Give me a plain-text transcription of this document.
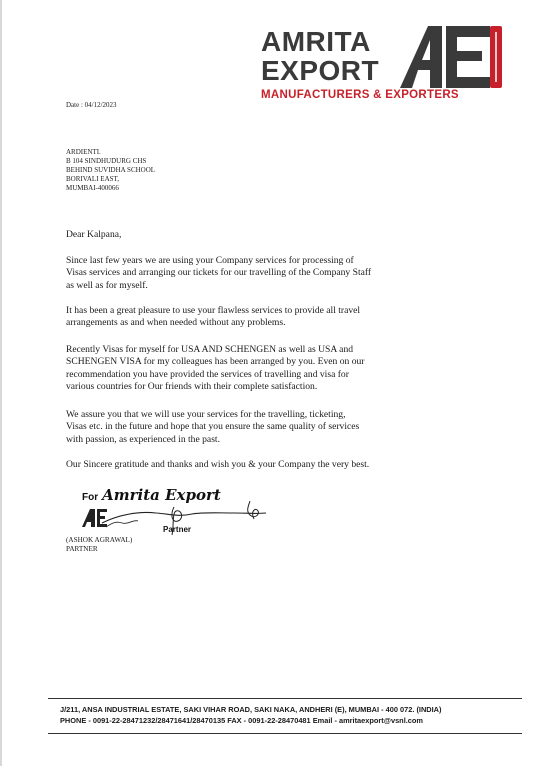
AMRITA
EXPORT
MANUFACTURERS & EXPORTERS
Date : 04/12/2023
ARDIENTI.
B 104 SINDHUDURG CHS
BEHIND SUVIDHA SCHOOL
BORIVALI EAST,
MUMBAI-400066
Dear Kalpana,
Since last few years we are using your Company services for processing of
Visas services and arranging our tickets for our travelling of the Company Staff
as well as for myself.
It has been a great pleasure to use your flawless services to provide all travel
arrangements as and when needed without any problems.
Recently Visas for myself for USA AND SCHENGEN as well as USA and
SCHENGEN VISA for my colleagues has been arranged by you. Even on our
recommendation you have provided the services of travelling and visa for
various countries for Our friends with their complete satisfaction.
We assure you that we will use your services for the travelling, ticketing,
Visas etc. in the future and hope that you ensure the same quality of services
with passion, as experienced in the past.
Our Sincere gratitude and thanks and wish you & your Company the very best.
For Amrita Export
Partner
(ASHOK AGRAWAL)
PARTNER
J/211, ANSA INDUSTRIAL ESTATE, SAKI VIHAR ROAD, SAKI NAKA, ANDHERI (E), MUMBAI - 400 072. (INDIA)
PHONE - 0091-22-28471232/28471641/28470135 FAX - 0091-22-28470481 Email - amritaexport@vsnl.com
